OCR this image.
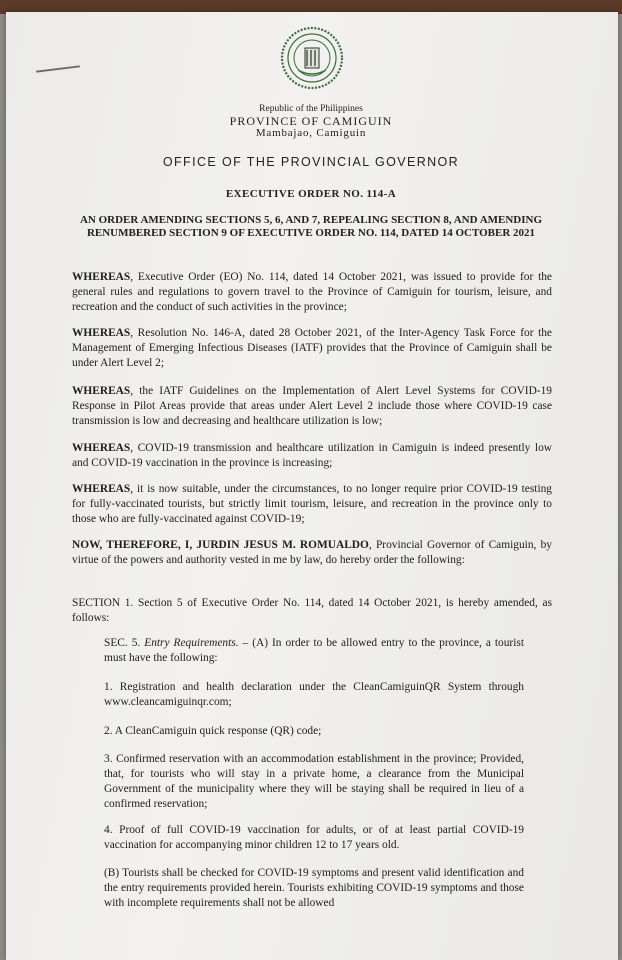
Republic of the Philippines
PROVINCE OF CAMIGUIN
Mambajao, Camiguin
OFFICE OF THE PROVINCIAL GOVERNOR
EXECUTIVE ORDER NO. 114-A
AN ORDER AMENDING SECTIONS 5, 6, AND 7, REPEALING SECTION 8, AND AMENDING RENUMBERED SECTION 9 OF EXECUTIVE ORDER NO. 114, DATED 14 OCTOBER 2021
WHEREAS, Executive Order (EO) No. 114, dated 14 October 2021, was issued to provide for the general rules and regulations to govern travel to the Province of Camiguin for tourism, leisure, and recreation and the conduct of such activities in the province;
WHEREAS, Resolution No. 146-A, dated 28 October 2021, of the Inter-Agency Task Force for the Management of Emerging Infectious Diseases (IATF) provides that the Province of Camiguin shall be under Alert Level 2;
WHEREAS, the IATF Guidelines on the Implementation of Alert Level Systems for COVID-19 Response in Pilot Areas provide that areas under Alert Level 2 include those where COVID-19 case transmission is low and decreasing and healthcare utilization is low;
WHEREAS, COVID-19 transmission and healthcare utilization in Camiguin is indeed presently low and COVID-19 vaccination in the province is increasing;
WHEREAS, it is now suitable, under the circumstances, to no longer require prior COVID-19 testing for fully-vaccinated tourists, but strictly limit tourism, leisure, and recreation in the province only to those who are fully-vaccinated against COVID-19;
NOW, THEREFORE, I, JURDIN JESUS M. ROMUALDO, Provincial Governor of Camiguin, by virtue of the powers and authority vested in me by law, do hereby order the following:
SECTION 1. Section 5 of Executive Order No. 114, dated 14 October 2021, is hereby amended, as follows:
SEC. 5. Entry Requirements. – (A) In order to be allowed entry to the province, a tourist must have the following:
1. Registration and health declaration under the CleanCamiguinQR System through www.cleancamiguinqr.com;
2. A CleanCamiguin quick response (QR) code;
3. Confirmed reservation with an accommodation establishment in the province; Provided, that, for tourists who will stay in a private home, a clearance from the Municipal Government of the municipality where they will be staying shall be required in lieu of a confirmed reservation;
4. Proof of full COVID-19 vaccination for adults, or of at least partial COVID-19 vaccination for accompanying minor children 12 to 17 years old.
(B) Tourists shall be checked for COVID-19 symptoms and present valid identification and the entry requirements provided herein. Tourists exhibiting COVID-19 symptoms and those with incomplete requirements shall not be allowed
